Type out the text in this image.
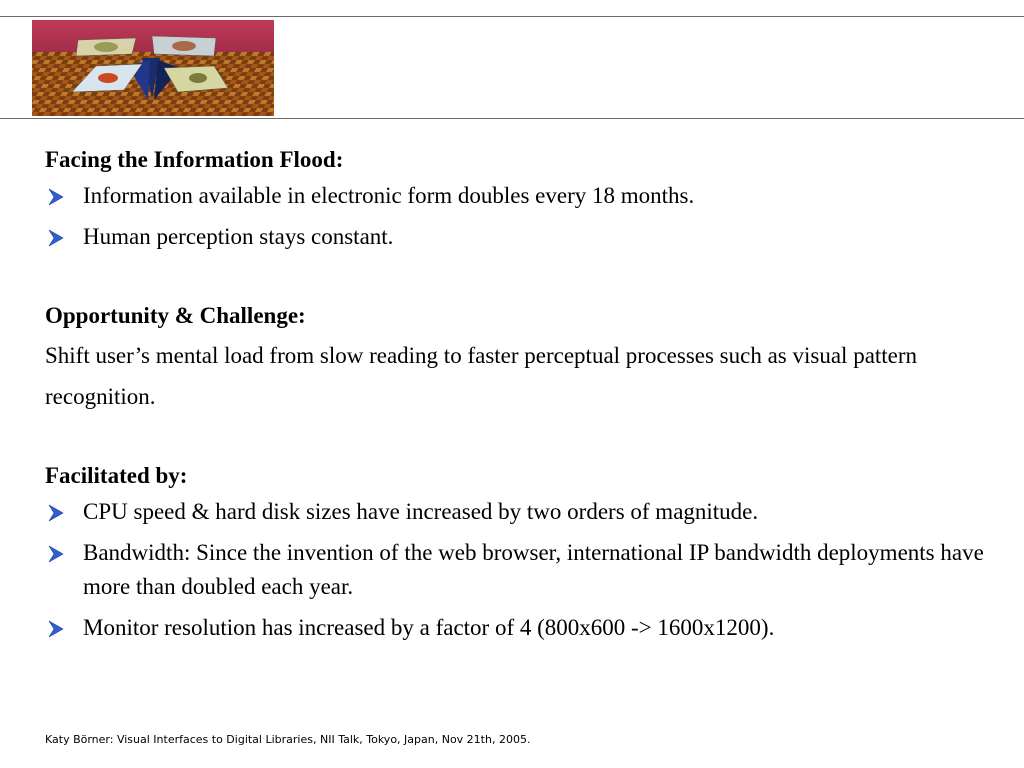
Facing the Information Flood:

Information available in electronic form doubles every 18 months.
Human perception stays constant.

Opportunity & Challenge:

Shift user’s mental load from slow reading to faster perceptual processes such as visual pattern recognition.

Facilitated by:

CPU speed & hard disk sizes have increased by two orders of magnitude.
Bandwidth: Since the invention of the web browser, international IP bandwidth deployments have more than doubled each year.
Monitor resolution has increased by a factor of 4 (800x600 -> 1600x1200).
Katy Börner: Visual Interfaces to Digital Libraries, NII Talk, Tokyo, Japan, Nov 21th, 2005.
